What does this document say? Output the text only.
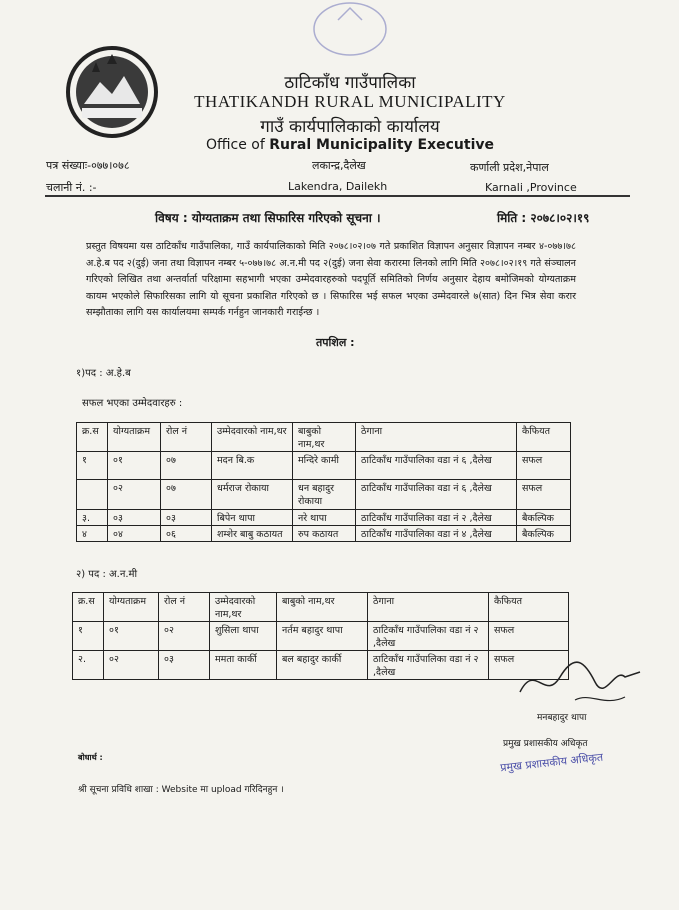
ठाटिकाँध गाउँपालिका
THATIKANDH RURAL MUNICIPALITY
गाउँ कार्यपालिकाको कार्यालय
Office of Rural Municipality Executive
पत्र संख्याः-०७७।०७८
चलानी नं. :-
लकान्द्र,दैलेख
Lakendra, Dailekh
कर्णाली प्रदेश,नेपाल
Karnali ,Province
विषय : योग्यताक्रम तथा सिफारिस गरिएको सूचना ।	मिति : २०७८।०२।१९
प्रस्तुत विषयमा यस ठाटिकाँध गाउँपालिका, गाउँ कार्यपालिकाको मिति २०७८।०२।०७ गते प्रकाशित विज्ञापन अनुसार विज्ञापन नम्बर ४-०७७।७८ अ.हे.ब पद २(दुई) जना तथा विज्ञापन नम्बर ५-०७७।७८ अ.न.मी पद २(दुई) जना सेवा करारमा लिनको लागि मिति २०७८।०२।१९ गते संञ्चालन गरिएको लिखित तथा अन्तर्वार्ता परिक्षामा सहभागी भएका उम्मेदवारहरुको पदपूर्ति समितिको निर्णय अनुसार देहाय बमोजिमको योग्यताक्रम कायम भएकोले सिफारिसका लागि यो सूचना प्रकाशित गरिएको छ । सिफारिस भई सफल भएका उम्मेदवारले ७(सात) दिन भित्र सेवा करार सम्झौताका लागि यस कार्यालयमा सम्पर्क गर्नहुन जानकारी गराईन्छ ।
तपशिल :
१)पद : अ.हे.ब
सफल भएका उम्मेदवारहरु :
क्र.स	योग्यताक्रम	रोल नं	उम्मेदवारको नाम,थर	बाबुको नाम,थर	ठेगाना	कैफियत
१	०१	०७	मदन बि.क	मन्दिरे कामी	ठाटिकाँध गाउँपालिका वडा नं ६ ,दैलेख	सफल
	०२	०७	धर्मराज रोकाया	धन बहादुर रोकाया	ठाटिकाँध गाउँपालिका वडा नं ६ ,दैलेख	सफल
३.	०३	०३	बिपेन थापा	नरे थापा	ठाटिकाँध गाउँपालिका वडा नं २ ,दैलेख	बैकल्पिक
४	०४	०६	शम्शेर बाबु कठायत	रुप कठायत	ठाटिकाँध गाउँपालिका वडा नं ४ ,दैलेख	बैकल्पिक
२) पद : अ.न.मी
क्र.स	योग्यताक्रम	रोल नं	उम्मेदवारको नाम,थर	बाबुको नाम,थर	ठेगाना	कैफियत
१	०१	०२	शुसिला थापा	नर्तम बहादुर थापा	ठाटिकाँध गाउँपालिका वडा नं २ ,दैलेख	सफल
२.	०२	०३	ममता कार्की	बल बहादुर कार्की	ठाटिकाँध गाउँपालिका वडा नं २ ,दैलेख	सफल
मनबहादुर थापा
प्रमुख प्रशासकीय अधिकृत
प्रमुख प्रशासकीय अधिकृत
बोधार्थ :
श्री सूचना प्रविधि शाखा : Website मा upload गरिदिनहुन ।
